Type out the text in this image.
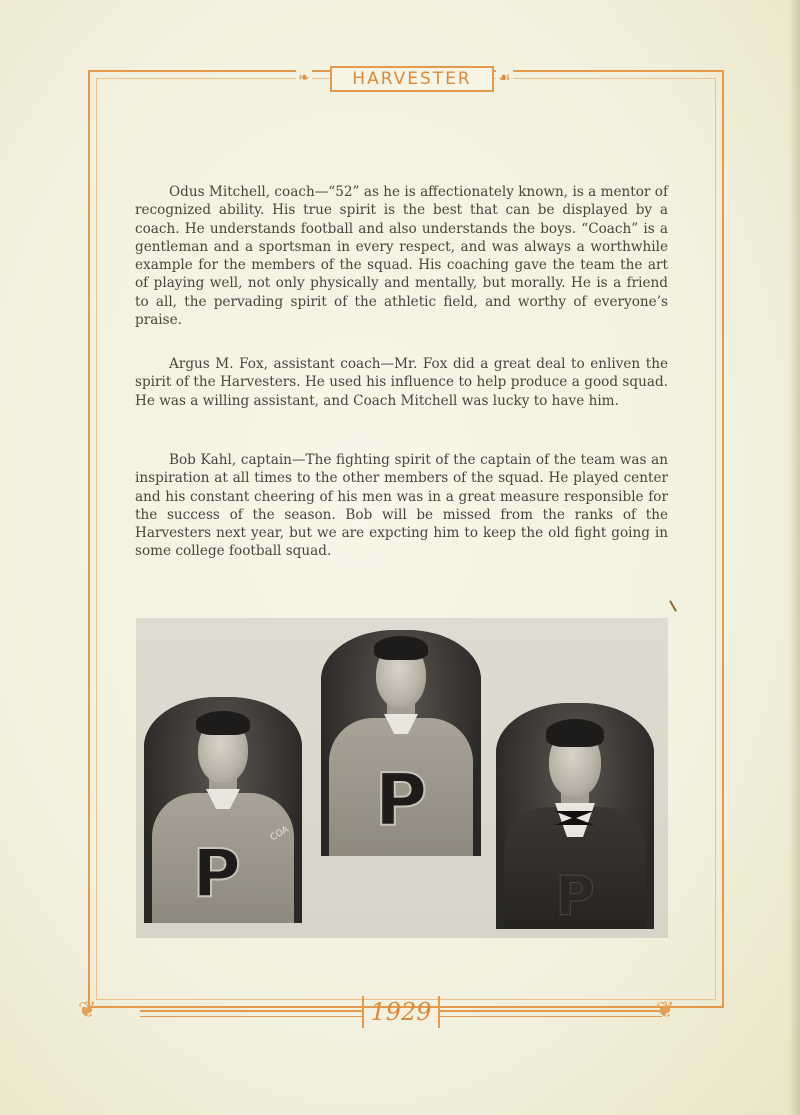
❧	HARVESTER ☙

Odus Mitchell, coach—“52” as he is affectionately known, is a mentor of recognized ability. His true spirit is the best that can be displayed by a coach. He understands football and also understands the boys. “Coach” is a gentleman and a sportsman in every respect, and was always a worthwhile example for the members of the squad. His coaching gave the team the art of playing well, not only physically and mentally, but morally. He is a friend to all, the pervading spirit of the athletic field, and worthy of everyone’s praise.

Argus M. Fox, assistant coach—Mr. Fox did a great deal to enliven the spirit of the Harvesters. He used his influence to help produce a good squad. He was a willing assistant, and Coach Mitchell was lucky to have him.

Bob Kahl, captain—The fighting spirit of the captain of the team was an inspiration at all times to the other members of the squad. He played center and his constant cheering of his men was in a great measure responsible for the success of the season. Bob will be missed from the ranks of the Harvesters next year, but we are expcting him to keep the old fight going in some college football squad.

P
COA P
P
❦	1929	❦
